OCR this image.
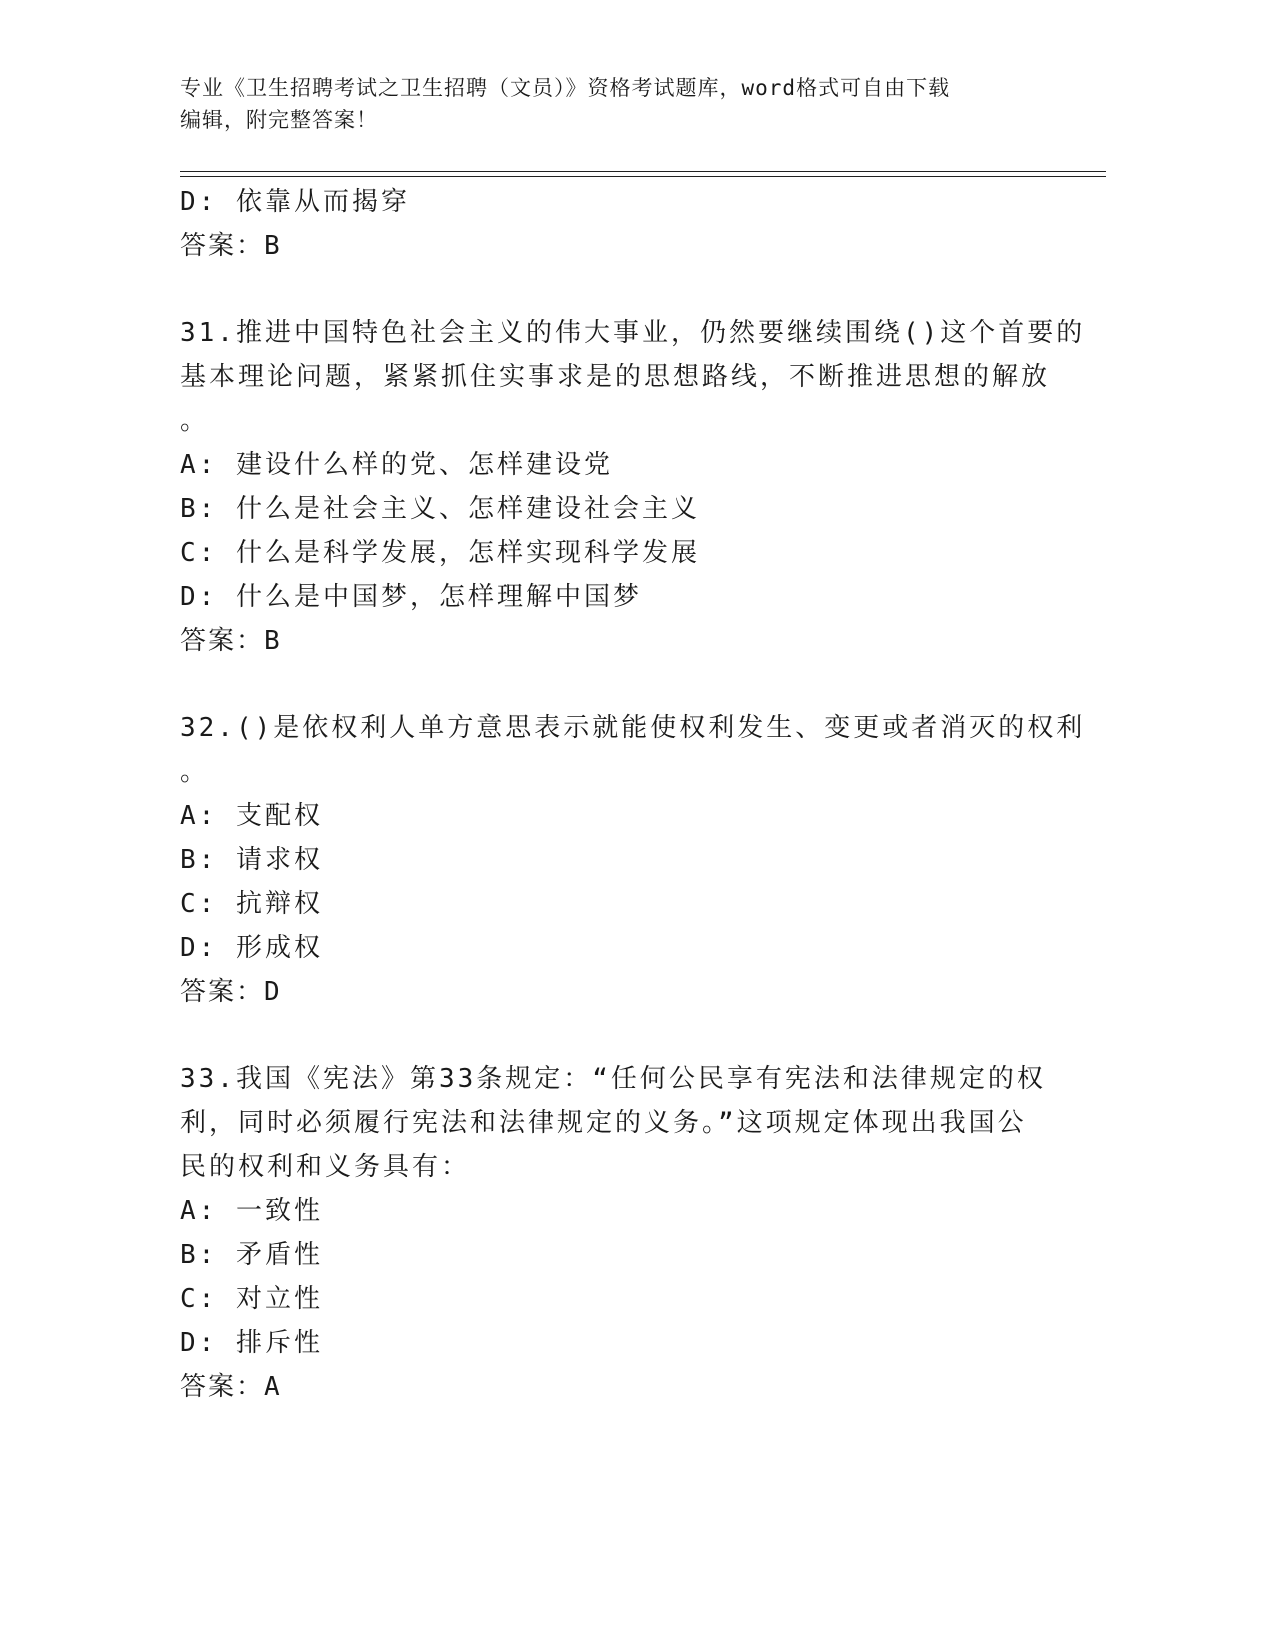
专业《卫生招聘考试之卫生招聘（文员）》资格考试题库，word格式可自由下载
编辑，附完整答案！
D: 依靠从而揭穿
答案：B
31.推进中国特色社会主义的伟大事业，仍然要继续围绕()这个首要的
基本理论问题，紧紧抓住实事求是的思想路线，不断推进思想的解放
。
A: 建设什么样的党、怎样建设党
B: 什么是社会主义、怎样建设社会主义
C: 什么是科学发展，怎样实现科学发展
D: 什么是中国梦，怎样理解中国梦
答案：B
32.()是依权利人单方意思表示就能使权利发生、变更或者消灭的权利
。
A: 支配权
B: 请求权
C: 抗辩权
D: 形成权
答案：D
33.我国《宪法》第33条规定：“任何公民享有宪法和法律规定的权
利，同时必须履行宪法和法律规定的义务。”这项规定体现出我国公
民的权利和义务具有：
A: 一致性
B: 矛盾性
C: 对立性
D: 排斥性
答案：A
